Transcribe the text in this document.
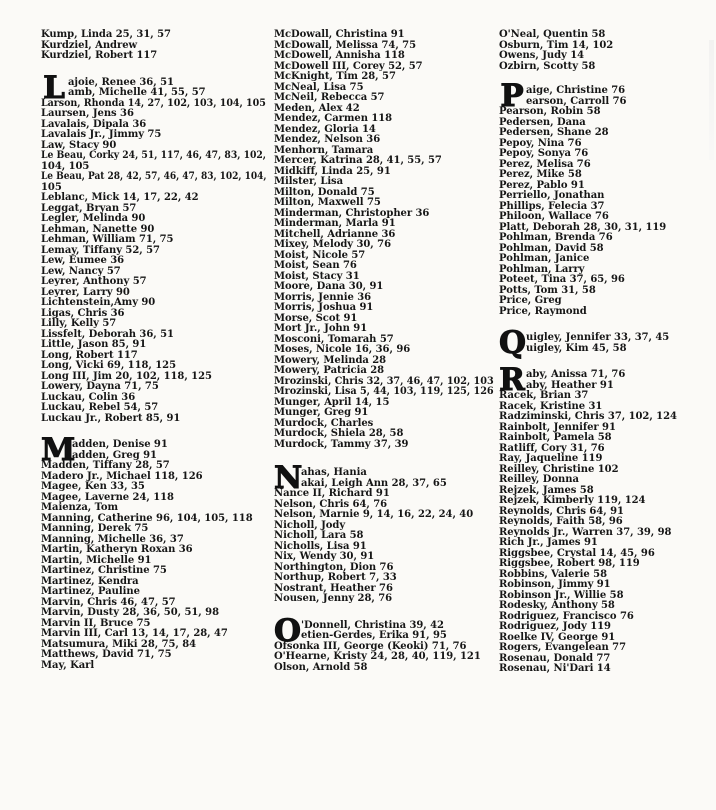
Kump, Linda 25, 31, 57
Kurdziel, Andrew
Kurdziel, Robert 117
L ajoie, Renee 36, 51
amb, Michelle 41, 55, 57
Larson, Rhonda 14, 27, 102, 103, 104, 105
Laursen, Jens 36
Lavalais, Dipala 36
Lavalais Jr., Jimmy 75
Law, Stacy 90
Le Beau, Corky 24, 51, 117, 46, 47, 83, 102,
104, 105
Le Beau, Pat 28, 42, 57, 46, 47, 83, 102, 104,
105
Leblanc, Mick 14, 17, 22, 42
Leggat, Bryan 57
Legler, Melinda 90
Lehman, Nanette 90
Lehman, William 71, 75
Lemay, Tiffany 52, 57
Lew, Eumee 36
Lew, Nancy 57
Leyrer, Anthony 57
Leyrer, Larry 90
Lichtenstein,Amy 90
Ligas, Chris 36
Lilly, Kelly 57
Lissfelt, Deborah 36, 51
Little, Jason 85, 91
Long, Robert 117
Long, Vicki 69, 118, 125
Long III, Jim 20, 102, 118, 125
Lowery, Dayna 71, 75
Luckau, Colin 36
Luckau, Rebel 54, 57
Luckau Jr., Robert 85, 91
M
adden, Denise 91
adden, Greg 91
Madden, Tiffany 28, 57
Madero Jr., Michael 118, 126
Magee, Ken 33, 35
Magee, Laverne 24, 118
Maienza, Tom
Manning, Catherine 96, 104, 105, 118
Manning, Derek 75
Manning, Michelle 36, 37
Martin, Katheryn Roxan 36
Martin, Michelle 91
Martinez, Christine 75
Martinez, Kendra
Martinez, Pauline
Marvin, Chris 46, 47, 57
Marvin, Dusty 28, 36, 50, 51, 98
Marvin II, Bruce 75
Marvin III, Carl 13, 14, 17, 28, 47
Matsumura, Miki 28, 75, 84
Matthews, David 71, 75
May, Karl
McDowall, Christina 91
McDowall, Melissa 74, 75
McDowell, Annisha 118
McDowell III, Corey 52, 57
McKnight, Tim 28, 57
McNeal, Lisa 75
McNeil, Rebecca 57
Meden, Alex 42
Mendez, Carmen 118
Mendez, Gloria 14
Mendez, Nelson 36
Menhorn, Tamara
Mercer, Katrina 28, 41, 55, 57
Midkiff, Linda 25, 91
Milster, Lisa
Milton, Donald 75
Milton, Maxwell 75
Minderman, Christopher 36
Minderman, Marla 91
Mitchell, Adrianne 36
Mixey, Melody 30, 76
Moist, Nicole 57
Moist, Sean 76
Moist, Stacy 31
Moore, Dana 30, 91
Morris, Jennie 36
Morris, Joshua 91
Morse, Scot 91
Mort Jr., John 91
Mosconi, Tomarah 57
Moses, Nicole 16, 36, 96
Mowery, Melinda 28
Mowery, Patricia 28
Mrozinski, Chris 32, 37, 46, 47, 102, 103
Mrozinski, Lisa 5, 44, 103, 119, 125, 126
Munger, April 14, 15
Munger, Greg 91
Murdock, Charles
Murdock, Shiela 28, 58
Murdock, Tammy 37, 39
N
ahas, Hania
akai, Leigh Ann 28, 37, 65
Nance II, Richard 91
Nelson, Chris 64, 76
Nelson, Marnie 9, 14, 16, 22, 24, 40
Nicholl, Jody
Nicholl, Lara 58
Nicholls, Lisa 91
Nix, Wendy 30, 91
Northington, Dion 76
Northup, Robert 7, 33
Nostrant, Heather 76
Nousen, Jenny 28, 76
O 'Donnell, Christina 39, 42
etien-Gerdes, Erika 91, 95
Ofsonka III, George (Keoki) 71, 76
O'Hearne, Kristy 24, 28, 40, 119, 121
Olson, Arnold 58
O'Neal, Quentin 58
Osburn, Tim 14, 102
Owens, Judy 14
Ozbirn, Scotty 58
P aige, Christine 76
earson, Carroll 76
Pearson, Robin 58
Pedersen, Dana
Pedersen, Shane 28
Pepoy, Nina 76
Pepoy, Sonya 76
Perez, Melisa 76
Perez, Mike 58
Perez, Pablo 91
Perriello, Jonathan
Phillips, Felecia 37
Philoon, Wallace 76
Platt, Deborah 28, 30, 31, 119
Pohlman, Brenda 76
Pohlman, David 58
Pohlman, Janice
Pohlman, Larry
Poteet, Tina 37, 65, 96
Potts, Tom 31, 58
Price, Greg
Price, Raymond
Q uigley, Jennifer 33, 37, 45
uigley, Kim 45, 58
R aby, Anissa 71, 76
aby, Heather 91
Racek, Brian 37
Racek, Kristine 31
Radziminski, Chris 37, 102, 124
Rainbolt, Jennifer 91
Rainbolt, Pamela 58
Ratliff, Cory 31, 76
Ray, Jaqueline 119
Reilley, Christine 102
Reilley, Donna
Rejzek, James 58
Rejzek, Kimberly 119, 124
Reynolds, Chris 64, 91
Reynolds, Faith 58, 96
Reynolds Jr., Warren 37, 39, 98
Rich Jr., James 91
Riggsbee, Crystal 14, 45, 96
Riggsbee, Robert 98, 119
Robbins, Valerie 58
Robinson, Jimmy 91
Robinson Jr., Willie 58
Rodesky, Anthony 58
Rodriguez, Francisco 76
Rodriguez, Jody 119
Roelke IV, George 91
Rogers, Evangelean 77
Rosenau, Donald 77
Rosenau, Ni'Dari 14
